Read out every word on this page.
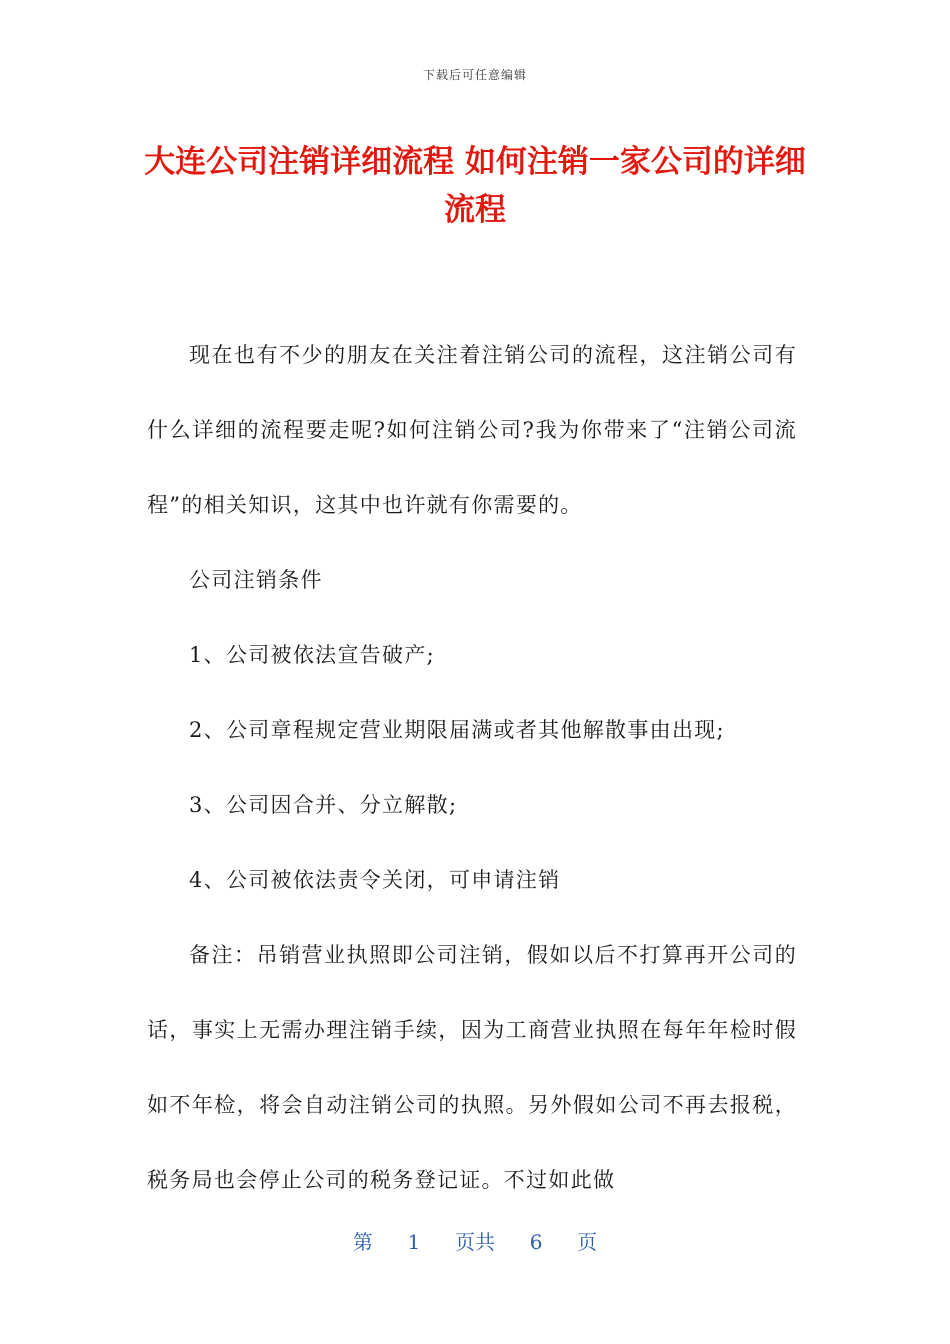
下载后可任意编辑
大连公司注销详细流程 如何注销一家公司的详细流程

现在也有不少的朋友在关注着注销公司的流程，这注销公司有什么详细的流程要走呢?如何注销公司?我为你带来了“注销公司流程”的相关知识，这其中也许就有你需要的。

公司注销条件

1、公司被依法宣告破产;

2、公司章程规定营业期限届满或者其他解散事由出现;

3、公司因合并、分立解散;

4、公司被依法责令关闭，可申请注销

备注：吊销营业执照即公司注销，假如以后不打算再开公司的话，事实上无需办理注销手续，因为工商营业执照在每年年检时假如不年检，将会自动注销公司的执照。另外假如公司不再去报税，税务局也会停止公司的税务登记证。不过如此做

第 1 页共 6 页
